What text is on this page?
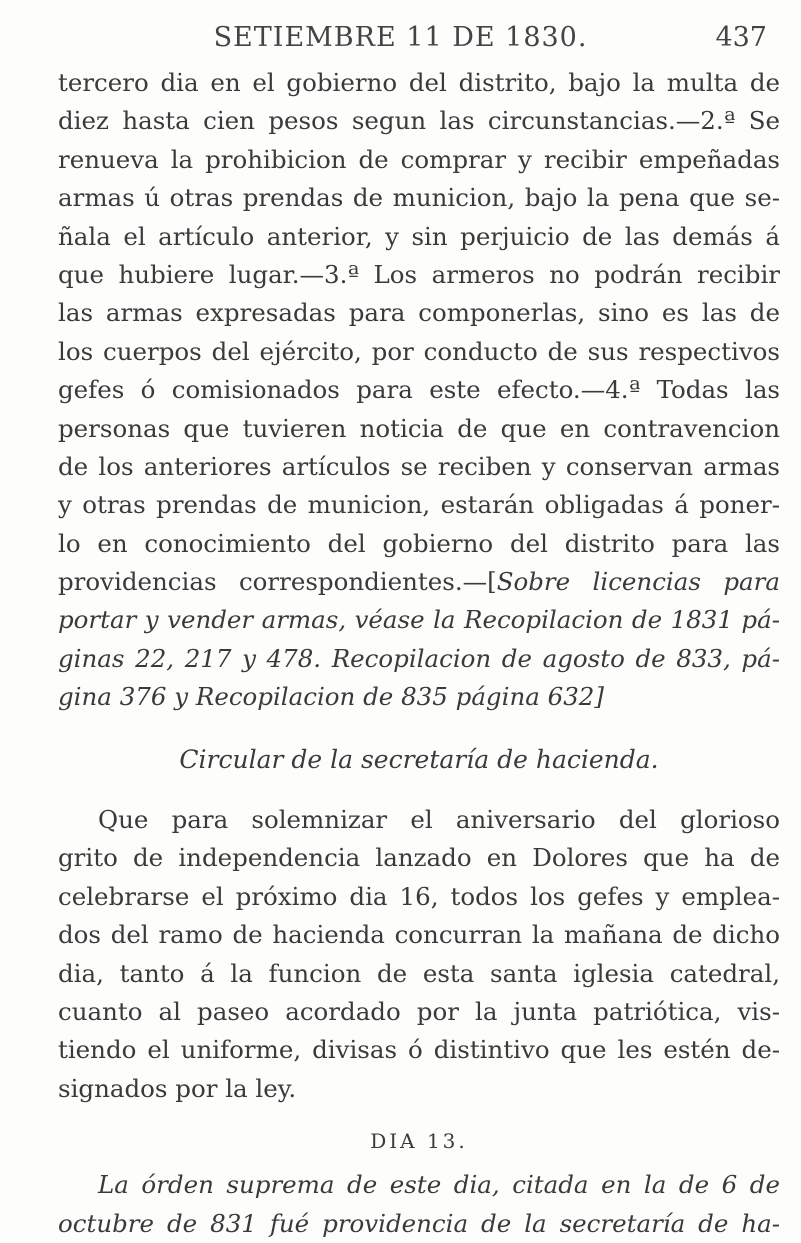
SETIEMBRE 11 DE 1830.	437
tercero dia en el gobierno del distrito, bajo la multa de
diez hasta cien pesos segun las circunstancias.—2.ª Se
renueva la prohibicion de comprar y recibir empeñadas
armas ú otras prendas de municion, bajo la pena que se-
ñala el artículo anterior, y sin perjuicio de las demás á
que hubiere lugar.—3.ª Los armeros no podrán recibir
las armas expresadas para componerlas, sino es las de
los cuerpos del ejército, por conducto de sus respectivos
gefes ó comisionados para este efecto.—4.ª Todas las
personas que tuvieren noticia de que en contravencion
de los anteriores artículos se reciben y conservan armas
y otras prendas de municion, estarán obligadas á poner-
lo en conocimiento del gobierno del distrito para las
providencias correspondientes.—[Sobre licencias para
portar y vender armas, véase la Recopilacion de 1831 pá-
ginas 22, 217 y 478. Recopilacion de agosto de 833, pá-
gina 376 y Recopilacion de 835 página 632]
Circular de la secretaría de hacienda.
Que para solemnizar el aniversario del glorioso
grito de independencia lanzado en Dolores que ha de
celebrarse el próximo dia 16, todos los gefes y emplea-
dos del ramo de hacienda concurran la mañana de dicho
dia, tanto á la funcion de esta santa iglesia catedral,
cuanto al paseo acordado por la junta patriótica, vis-
tiendo el uniforme, divisas ó distintivo que les estén de-
signados por la ley.
DIA 13.
La órden suprema de este dia, citada en la de 6 de
octubre de 831 fué providencia de la secretaría de ha-
